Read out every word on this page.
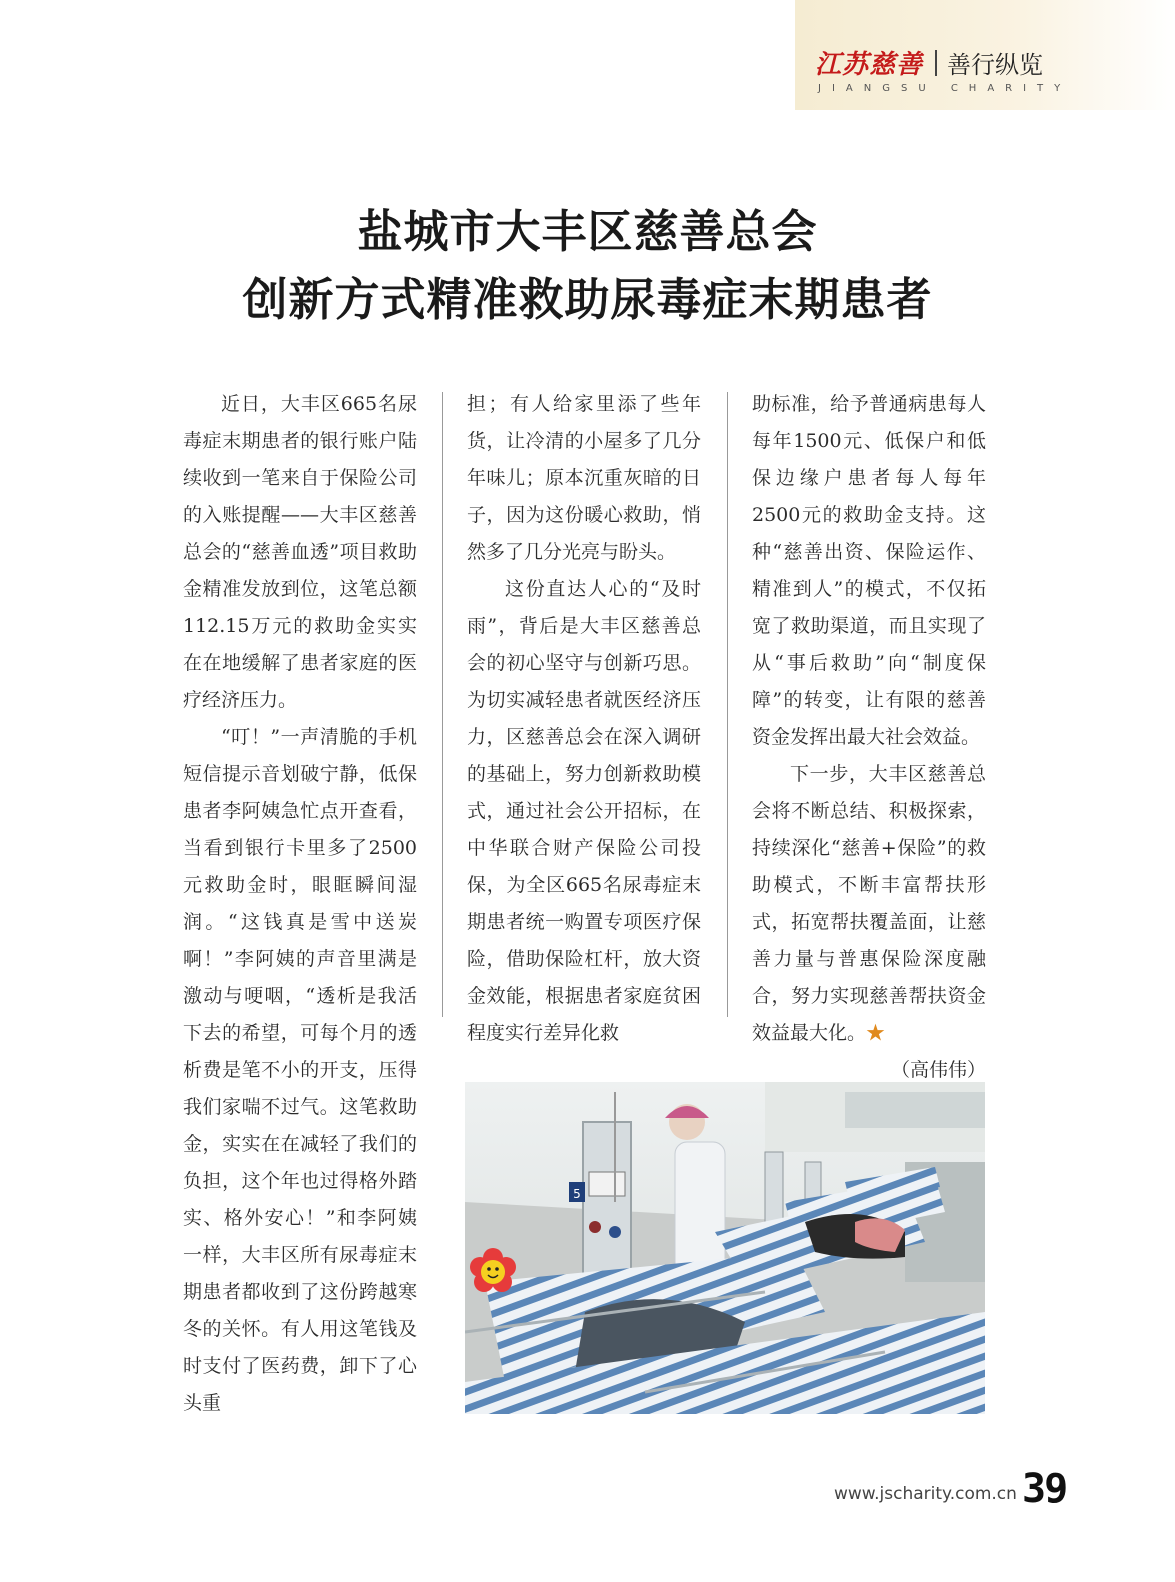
江苏慈善 善行纵览
JIANGSU CHARITY
盐城市大丰区慈善总会
创新方式精准救助尿毒症末期患者

近日，大丰区665名尿毒症末期患者的银行账户陆续收到一笔来自于保险公司的入账提醒——大丰区慈善总会的“慈善血透”项目救助金精准发放到位，这笔总额112.15万元的救助金实实在在地缓解了患者家庭的医疗经济压力。

“叮！”一声清脆的手机短信提示音划破宁静，低保患者李阿姨急忙点开查看，当看到银行卡里多了2500元救助金时，眼眶瞬间湿润。“这钱真是雪中送炭啊！”李阿姨的声音里满是激动与哽咽，“透析是我活下去的希望，可每个月的透析费是笔不小的开支，压得我们家喘不过气。这笔救助金，实实在在减轻了我们的负担，这个年也过得格外踏实、格外安心！”和李阿姨一样，大丰区所有尿毒症末期患者都收到了这份跨越寒冬的关怀。有人用这笔钱及时支付了医药费，卸下了心头重

担；有人给家里添了些年货，让冷清的小屋多了几分年味儿；原本沉重灰暗的日子，因为这份暖心救助，悄然多了几分光亮与盼头。

这份直达人心的“及时雨”，背后是大丰区慈善总会的初心坚守与创新巧思。为切实减轻患者就医经济压力，区慈善总会在深入调研的基础上，努力创新救助模式，通过社会公开招标，在中华联合财产保险公司投保，为全区665名尿毒症末期患者统一购置专项医疗保险，借助保险杠杆，放大资金效能，根据患者家庭贫困程度实行差异化救

助标准，给予普通病患每人每年1500元、低保户和低保边缘户患者每人每年2500元的救助金支持。这种“慈善出资、保险运作、精准到人”的模式，不仅拓宽了救助渠道，而且实现了从“事后救助”向“制度保障”的转变，让有限的慈善资金发挥出最大社会效益。

下一步，大丰区慈善总会将不断总结、积极探索，持续深化“慈善+保险”的救助模式，不断丰富帮扶形式，拓宽帮扶覆盖面，让慈善力量与普惠保险深度融合，努力实现慈善帮扶资金效益最大化。★
（高伟伟）

5
www.jscharity.com.cn 39
